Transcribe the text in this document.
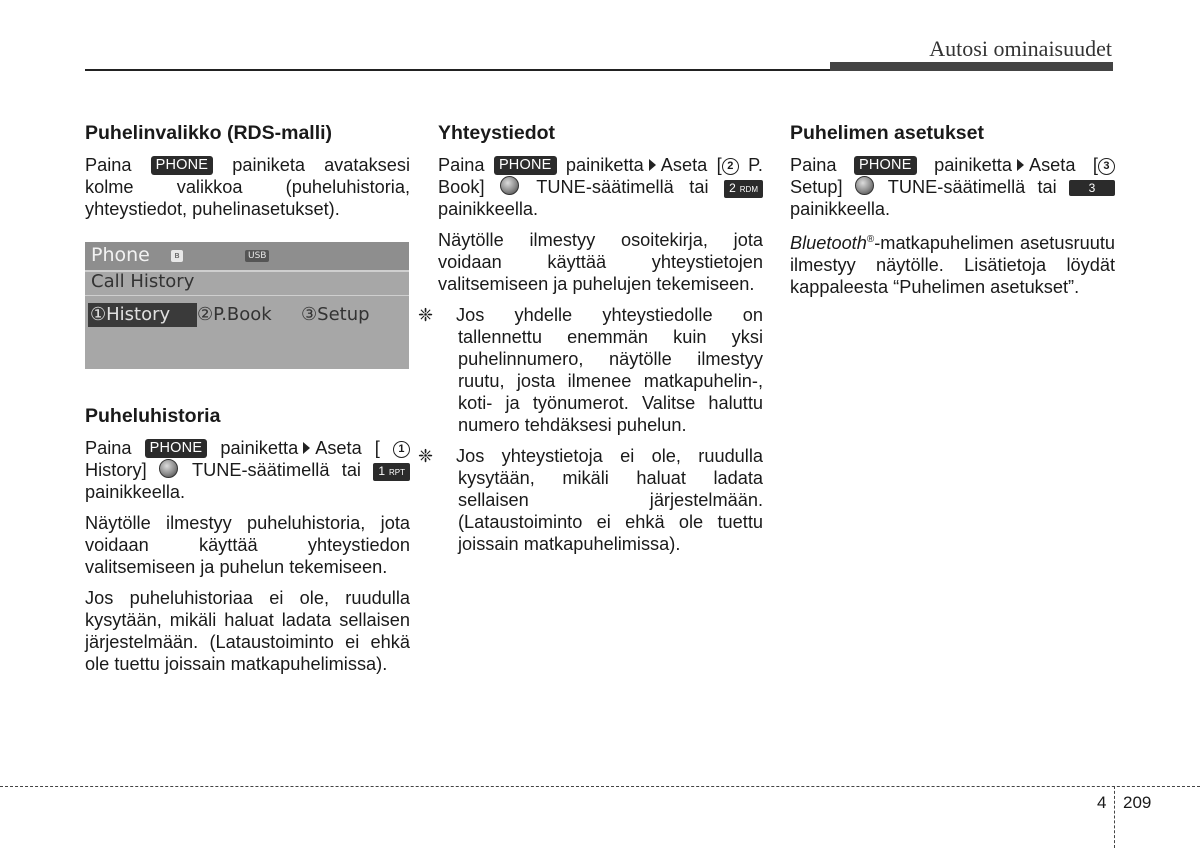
Autosi ominaisuudet
Puhelinvalikko (RDS-malli)

Paina PHONE painiketa avataksesi kolme valikkoa (puheluhistoria, yhteystiedot, puhelinasetukset).

Phone	ʙ	USB
Call History
①History	②P.Book ③Setup
Puheluhistoria

Paina PHONE painiketta Aseta [ 1 History]  TUNE-säätimellä tai 1 RPT painikkeella.

Näytölle ilmestyy puheluhistoria, jota voidaan käyttää yhteystiedon valitsemiseen ja puhelun tekemiseen.

Jos puheluhistoriaa ei ole, ruudulla kysytään, mikäli haluat ladata sellaisen järjestelmään. (Lataustoiminto ei ehkä ole tuettu joissain matkapuhelimissa).

Yhteystiedot

Paina PHONE painiketta Aseta [ 2 P. Book]  TUNE-säätimellä tai 2 RDM painikkeella.

Näytölle ilmestyy osoitekirja, jota voidaan käyttää yhteystietojen valitsemiseen ja puhelujen tekemiseen.

❈ Jos yhdelle yhteystiedolle on tallennettu enemmän kuin yksi puhelinnumero, näytölle ilmestyy ruutu, josta ilmenee matkapuhelin-, koti- ja työnumerot. Valitse haluttu numero tehdäksesi puhelun.

❈ Jos yhteystietoja ei ole, ruudulla kysytään, mikäli haluat ladata sellaisen järjestelmään. (Lataustoiminto ei ehkä ole tuettu joissain matkapuhelimissa).

Puhelimen asetukset

Paina PHONE painiketta Aseta [ 3 Setup]  TUNE-säätimellä tai	3 painikkeella.

Bluetooth®-matkapuhelimen asetusruutu ilmestyy näytölle. Lisätietoja löydät kappaleesta “Puhelimen asetukset”.

4 209
